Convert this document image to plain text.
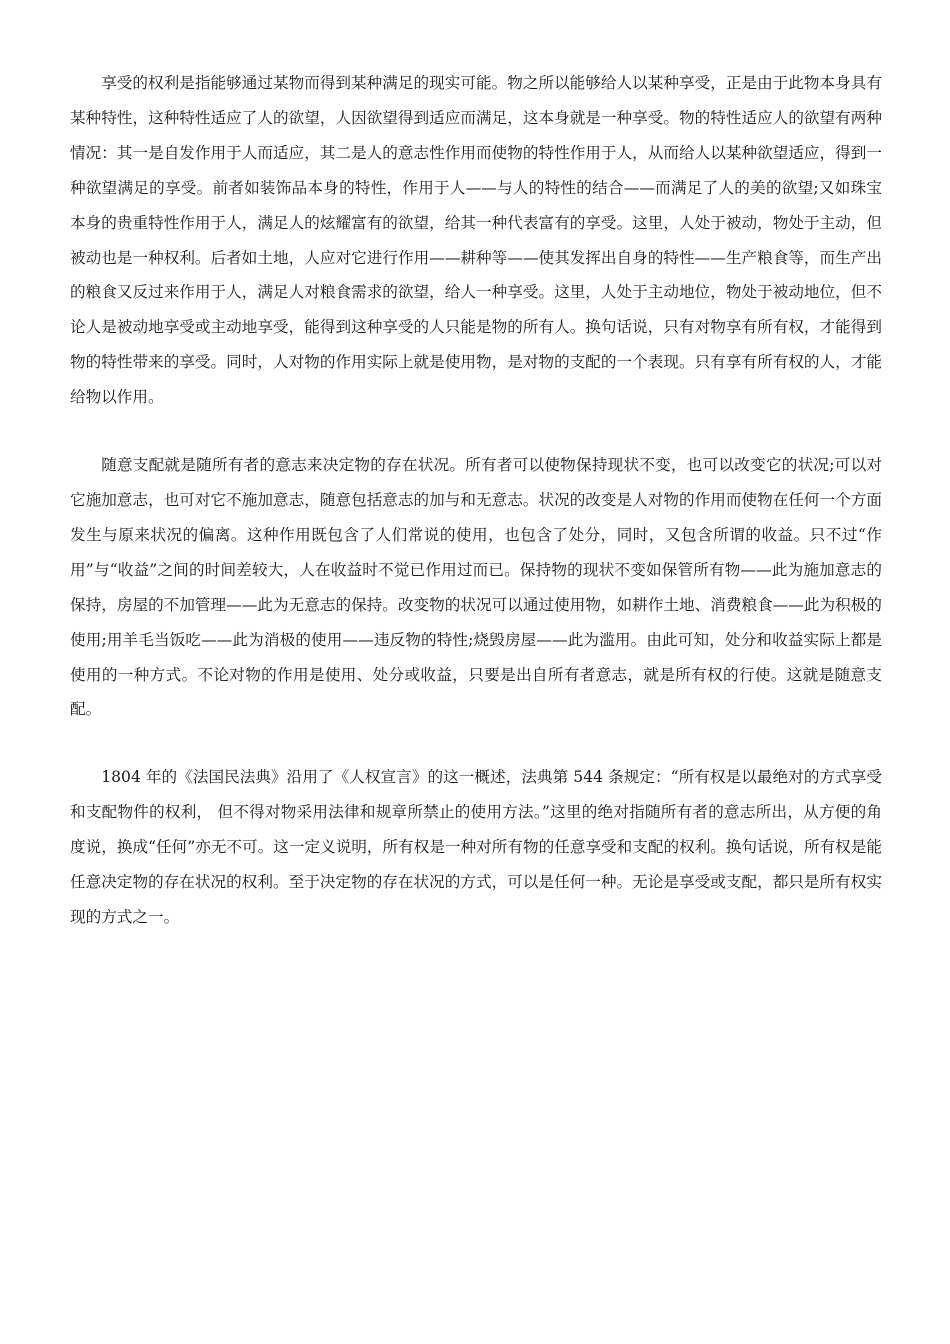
享受的权利是指能够通过某物而得到某种满足的现实可能。物之所以能够给人以某种享受，正是由于此物本身具有某种特性，这种特性适应了人的欲望，人因欲望得到适应而满足，这本身就是一种享受。物的特性适应人的欲望有两种情况：其一是自发作用于人而适应，其二是人的意志性作用而使物的特性作用于人，从而给人以某种欲望适应，得到一种欲望满足的享受。前者如装饰品本身的特性，作用于人——与人的特性的结合——而满足了人的美的欲望;又如珠宝本身的贵重特性作用于人，满足人的炫耀富有的欲望，给其一种代表富有的享受。这里，人处于被动，物处于主动，但被动也是一种权利。后者如土地，人应对它进行作用——耕种等——使其发挥出自身的特性——生产粮食等，而生产出的粮食又反过来作用于人，满足人对粮食需求的欲望，给人一种享受。这里，人处于主动地位，物处于被动地位，但不论人是被动地享受或主动地享受，能得到这种享受的人只能是物的所有人。换句话说，只有对物享有所有权，才能得到物的特性带来的享受。同时，人对物的作用实际上就是使用物，是对物的支配的一个表现。只有享有所有权的人，才能给物以作用。

随意支配就是随所有者的意志来决定物的存在状况。所有者可以使物保持现状不变，也可以改变它的状况;可以对它施加意志，也可对它不施加意志，随意包括意志的加与和无意志。状况的改变是人对物的作用而使物在任何一个方面发生与原来状况的偏离。这种作用既包含了人们常说的使用，也包含了处分，同时，又包含所谓的收益。只不过“作用”与“收益”之间的时间差较大，人在收益时不觉已作用过而已。保持物的现状不变如保管所有物——此为施加意志的保持，房屋的不加管理——此为无意志的保持。改变物的状况可以通过使用物，如耕作土地、消费粮食——此为积极的使用;用羊毛当饭吃——此为消极的使用——违反物的特性;烧毁房屋——此为滥用。由此可知，处分和收益实际上都是使用的一种方式。不论对物的作用是使用、处分或收益，只要是出自所有者意志，就是所有权的行使。这就是随意支配。

1804 年的《法国民法典》沿用了《人权宣言》的这一概述，法典第 544 条规定：“所有权是以最绝对的方式享受和支配物件的权利， 但不得对物采用法律和规章所禁止的使用方法。”这里的绝对指随所有者的意志所出，从方便的角度说，换成“任何”亦无不可。这一定义说明，所有权是一种对所有物的任意享受和支配的权利。换句话说，所有权是能任意决定物的存在状况的权利。至于决定物的存在状况的方式，可以是任何一种。无论是享受或支配，都只是所有权实现的方式之一。
